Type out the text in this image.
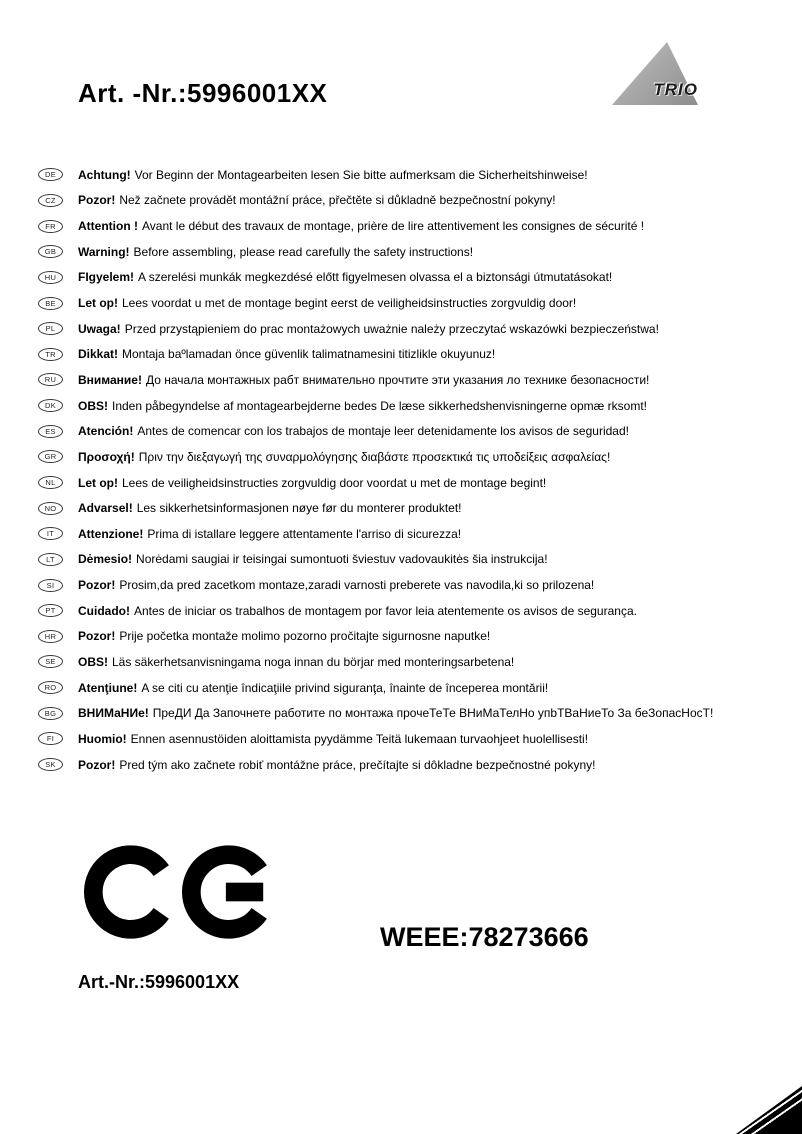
Art. -Nr.:5996001XX	TRIO
DE Achtung! Vor Beginn der Montagearbeiten lesen Sie bitte aufmerksam die Sicherheitshinweise!
CZ Pozor! Než začnete provádět montážní práce, přečtěte si důkladně bezpečnostní pokyny!
FR Attention ! Avant le début des travaux de montage, prière de lire attentivement les consignes de sécurité !
GB Warning! Before assembling, please read carefully the safety instructions!
HU FIgyelem! A szerelési munkák megkezdésé előtt figyelmesen olvassa el a biztonsági útmutatásokat!
BE Let op! Lees voordat u met de montage begint eerst de veiligheidsinstructies zorgvuldig door!
PL Uwaga! Przed przystąpieniem do prac montażowych uważnie należy przeczytać wskazówki bezpieczeństwa!
TR Dikkat! Montaja baºlamadan önce güvenlik talimatnamesini titizlikle okuyunuz!
RU Внимание! До начала монтажных рабт внимательно прочтите эти указания ло технике безопасности!
DK OBS! Inden påbegyndelse af montagearbejderne bedes De læse sikkerhedshenvisningerne opmæ rksomt!
ES Atención! Antes de comencar con los trabajos de montaje leer detenidamente los avisos de seguridad!
GR Προσοχή! Πριν την διεξαγωγή της συναρμολόγησης διαβάστε προσεκτικά τις υποδείξεις ασφαλείας!
NL Let op! Lees de veiligheidsinstructies zorgvuldig door voordat u met de montage begint!
NO Advarsel! Les sikkerhetsinformasjonen nøye før du monterer produktet!
IT Attenzione! Prima di istallare leggere attentamente l'arriso di sicurezza!
LT Dėmesio! Norėdami saugiai ir teisingai sumontuoti šviestuv vadovaukitės šia instrukcija!
SI Pozor! Prosim,da pred zacetkom montaze,zaradi varnosti preberete vas navodila,ki so prilozena!
PT Cuidado! Antes de iniciar os trabalhos de montagem por favor leia atentemente os avisos de segurança.
HR Pozor! Prije početka montaže molimo pozorno pročitajte sigurnosne naputke!
SE OBS! Läs säkerhetsanvisningama noga innan du börjar med monteringsarbetena!
RO Atenţiune! A se citi cu atenţie îndicaţiile privind siguranţa, înainte de începerea montării!
BG ВНИМаНИе! ПреДИ Да Започнете работите по монтажа прочеТеТе ВНиМаТелНо упbТВаНиеТо За беЗопасНосТ!
FI Huomio! Ennen asennustöiden aloittamista pyydämme Teitä lukemaan turvaohjeet huolellisesti!
SK Pozor! Pred tým ako začnete robiť montážne práce, prečítajte si dôkladne bezpečnostné pokyny!
WEEE:78273666
Art.-Nr.:5996001XX
